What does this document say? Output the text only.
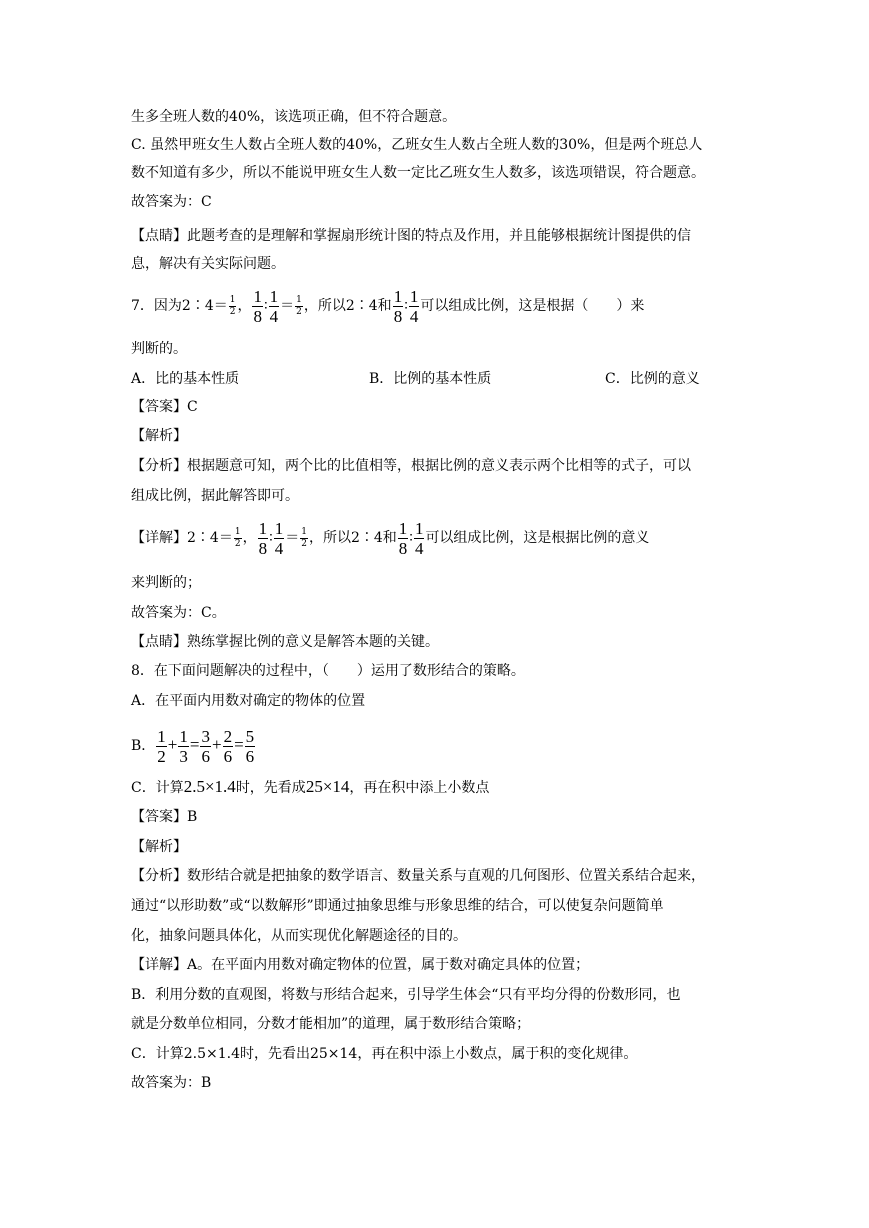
生多全班人数的40%，该选项正确，但不符合题意。
C. 虽然甲班女生人数占全班人数的40%，乙班女生人数占全班人数的30%，但是两个班总人
数不知道有多少，所以不能说甲班女生人数一定比乙班女生人数多，该选项错误，符合题意。
故答案为：C
【点睛】此题考查的是理解和掌握扇形统计图的特点及作用，并且能够根据统计图提供的信
息，解决有关实际问题。
7．因为2∶4＝ $\frac{1}{2}$ ， $\frac{1}{8}$ ∶ $\frac{1}{4} = \frac{1}{2}$ ，所以2∶4和 $\frac{1}{8}$ ∶ $\frac{1}{4}$ 可以组成比例，这是根据（　　）来
判断的。
A．比的基本性质	B．比例的基本性质	C．比例的意义
【答案】C
【解析】
【分析】根据题意可知，两个比的比值相等，根据比例的意义表示两个比相等的式子，可以
组成比例，据此解答即可。
【详解】2∶4＝ $\frac{1}{2}$ ， $\frac{1}{8}$ ∶ $\frac{1}{4} = \frac{1}{2}$ ，所以2∶4和 $\frac{1}{8}$ ∶ $\frac{1}{4}$ 可以组成比例，这是根据比例的意义
来判断的；
故答案为：C。
【点睛】熟练掌握比例的意义是解答本题的关键。
8．在下面问题解决的过程中，（　　）运用了数形结合的策略。
A．在平面内用数对确定的物体的位置
B． $\frac{1}{2} + \frac{1}{3} = \frac{3}{6} + \frac{2}{6} = \frac{5}{6}$
C．计算2.5×1.4时，先看成25×14，再在积中添上小数点
【答案】B
【解析】
【分析】数形结合就是把抽象的数学语言、数量关系与直观的几何图形、位置关系结合起来，
通过“以形助数”或“以数解形”即通过抽象思维与形象思维的结合，可以使复杂问题简单
化，抽象问题具体化，从而实现优化解题途径的目的。
【详解】A。在平面内用数对确定物体的位置，属于数对确定具体的位置；
B．利用分数的直观图，将数与形结合起来，引导学生体会“只有平均分得的份数形同，也
就是分数单位相同，分数才能相加”的道理，属于数形结合策略；
C．计算2.5×1.4时，先看出25×14，再在积中添上小数点，属于积的变化规律。
故答案为：B
